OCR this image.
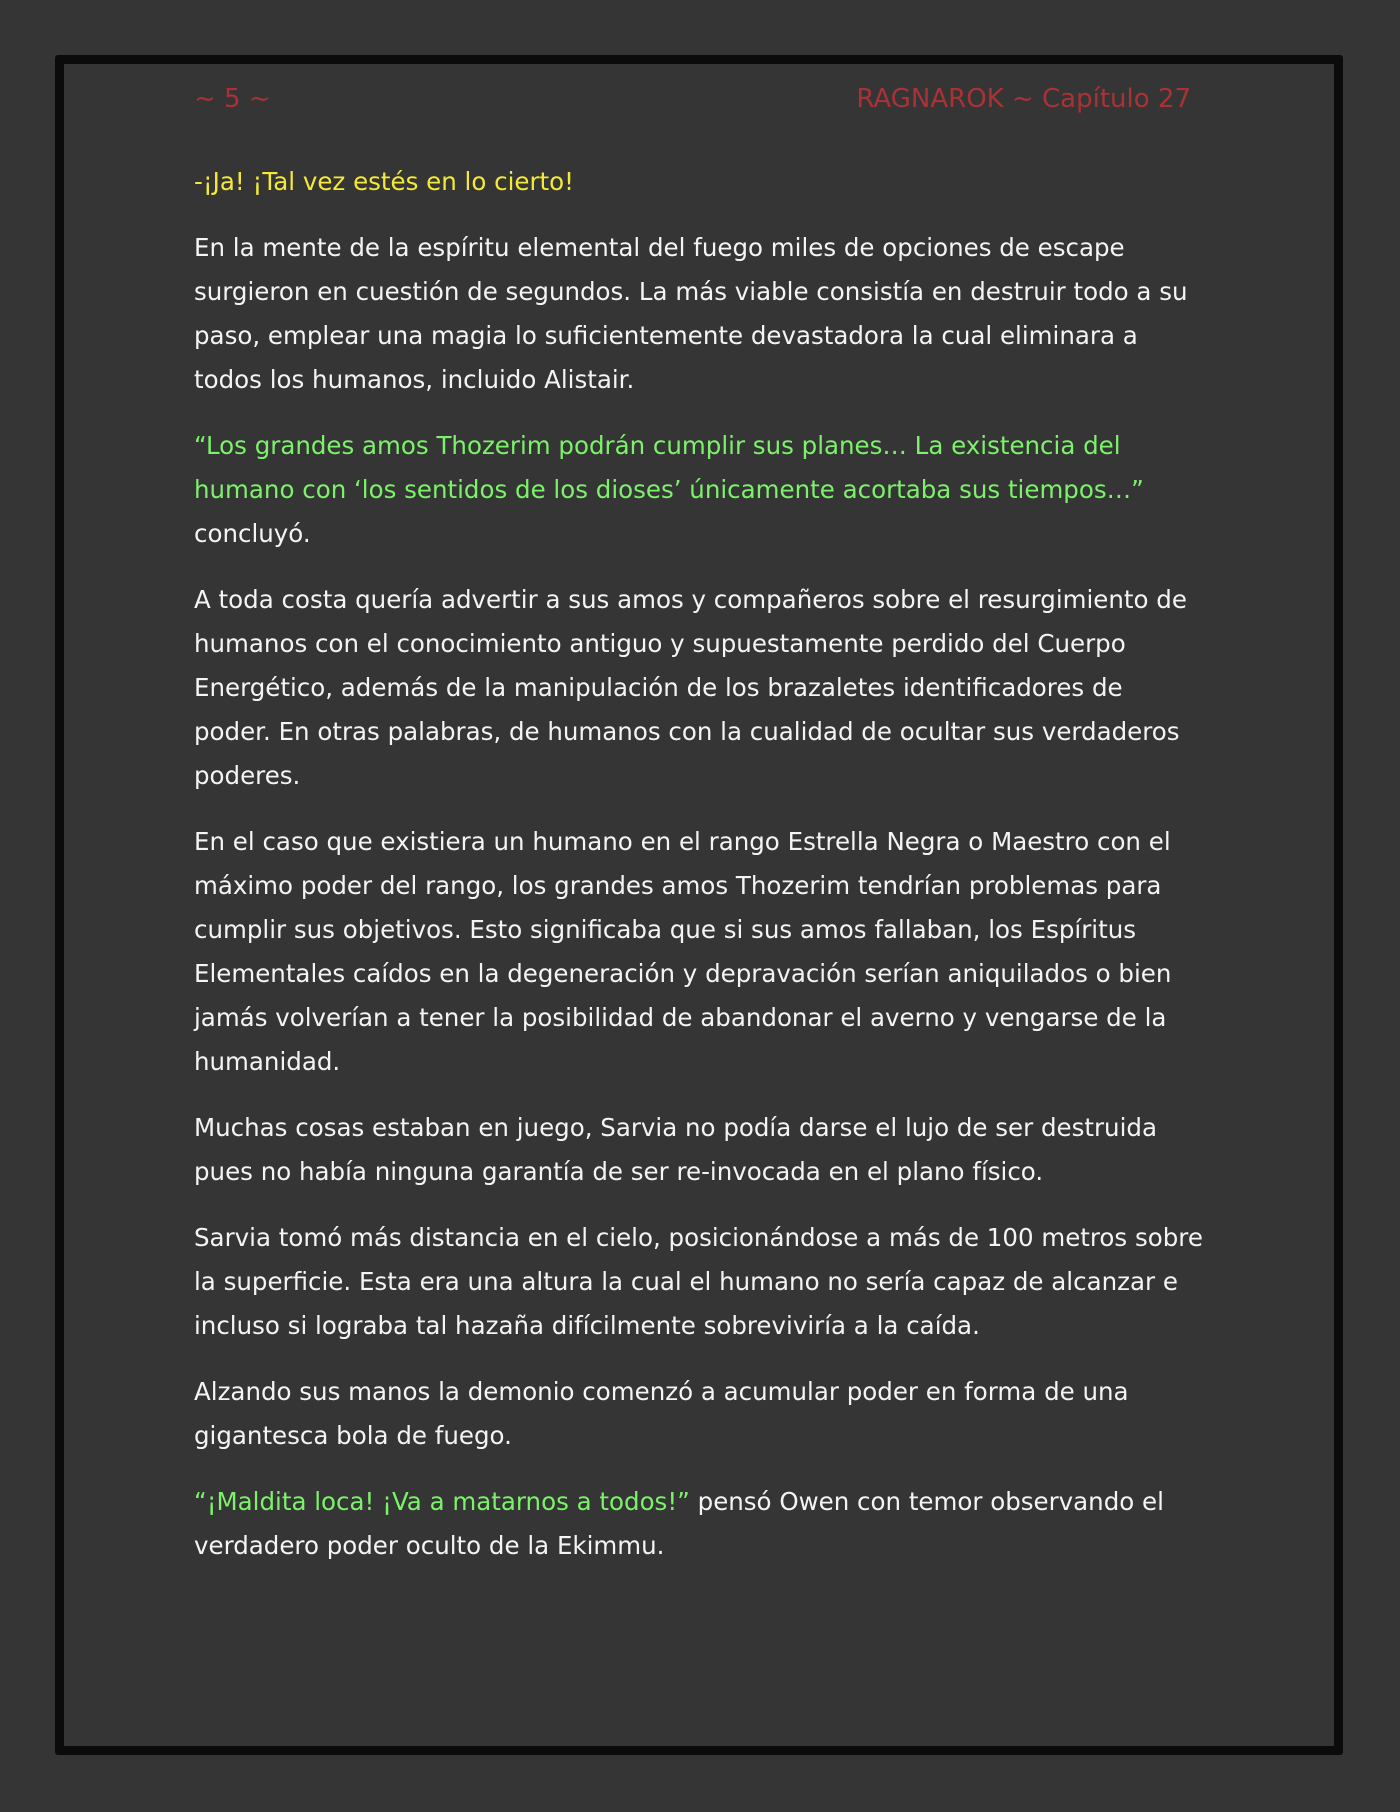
~ 5 ~	RAGNAROK ~ Capítulo 27

-¡Ja! ¡Tal vez estés en lo cierto!

En la mente de la espíritu elemental del fuego miles de opciones de escape surgieron en cuestión de segundos. La más viable consistía en destruir todo a su paso, emplear una magia lo suficientemente devastadora la cual eliminara a todos los humanos, incluido Alistair.

“Los grandes amos Thozerim podrán cumplir sus planes… La existencia del humano con ‘los sentidos de los dioses’ únicamente acortaba sus tiempos…”
concluyó.

A toda costa quería advertir a sus amos y compañeros sobre el resurgimiento de humanos con el conocimiento antiguo y supuestamente perdido del Cuerpo Energético, además de la manipulación de los brazaletes identificadores de poder. En otras palabras, de humanos con la cualidad de ocultar sus verdaderos poderes.

En el caso que existiera un humano en el rango Estrella Negra o Maestro con el máximo poder del rango, los grandes amos Thozerim tendrían problemas para cumplir sus objetivos. Esto significaba que si sus amos fallaban, los Espíritus Elementales caídos en la degeneración y depravación serían aniquilados o bien jamás volverían a tener la posibilidad de abandonar el averno y vengarse de la humanidad.

Muchas cosas estaban en juego, Sarvia no podía darse el lujo de ser destruida pues no había ninguna garantía de ser re-invocada en el plano físico.

Sarvia tomó más distancia en el cielo, posicionándose a más de 100 metros sobre la superficie. Esta era una altura la cual el humano no sería capaz de alcanzar e incluso si lograba tal hazaña difícilmente sobreviviría a la caída.

Alzando sus manos la demonio comenzó a acumular poder en forma de una gigantesca bola de fuego.

“¡Maldita loca! ¡Va a matarnos a todos!” pensó Owen con temor observando el verdadero poder oculto de la Ekimmu.
